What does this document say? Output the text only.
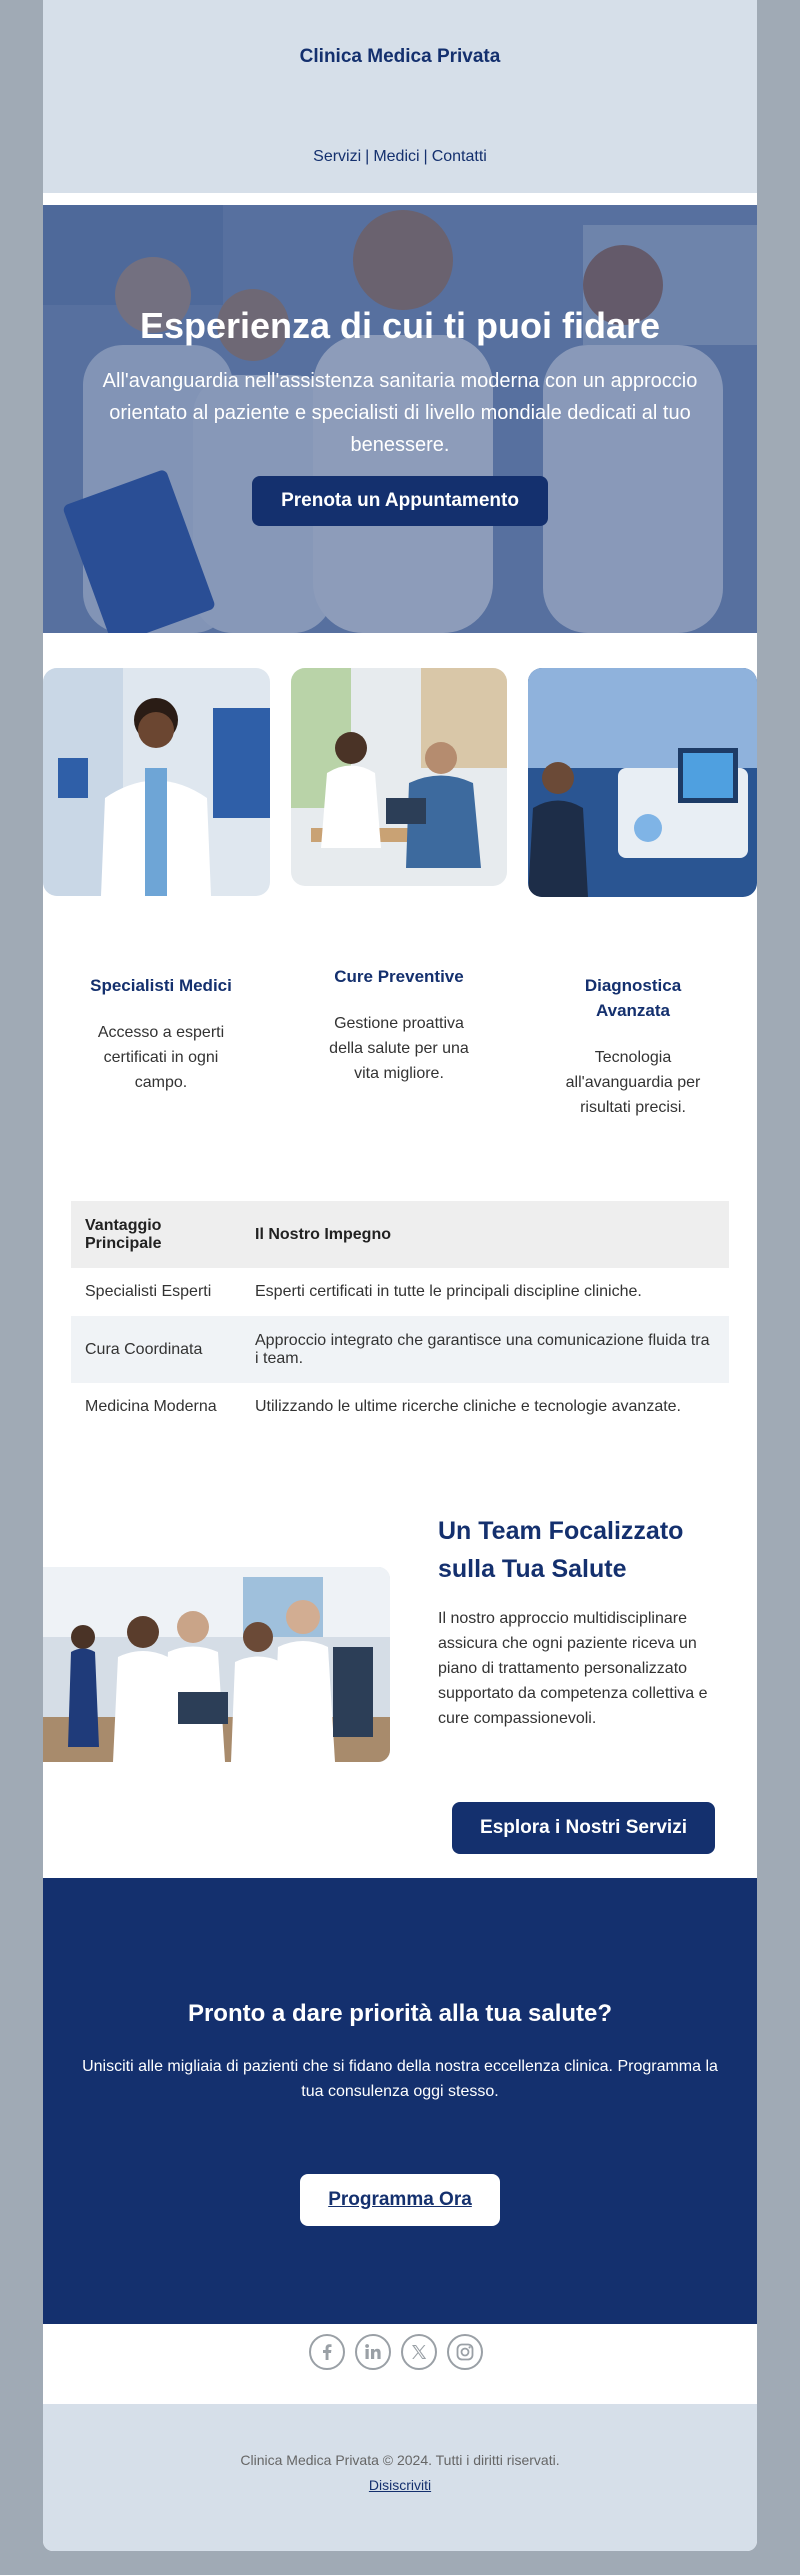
Clinica Medica Privata
Servizi | Medici | Contatti
Esperienza di cui ti puoi fidare

All'avanguardia nell'assistenza sanitaria moderna con un approccio orientato al paziente e specialisti di livello mondiale dedicati al tuo benessere.

Prenota un Appuntamento
Specialisti Medici
Accesso a esperti certificati in ogni campo.
Cure Preventive
Gestione proattiva della salute per una vita migliore.
Diagnostica Avanzata
Tecnologia all'avanguardia per risultati precisi.
Vantaggio Principale	Il Nostro Impegno
Specialisti Esperti	Esperti certificati in tutte le principali discipline cliniche.
Cura Coordinata	Approccio integrato che garantisce una comunicazione fluida tra i team.
Medicina Moderna	Utilizzando le ultime ricerche cliniche e tecnologie avanzate.
Un Team Focalizzato sulla Tua Salute
Il nostro approccio multidisciplinare assicura che ogni paziente riceva un piano di trattamento personalizzato supportato da competenza collettiva e cure compassionevoli.
Esplora i Nostri Servizi
Pronto a dare priorità alla tua salute?

Unisciti alle migliaia di pazienti che si fidano della nostra eccellenza clinica. Programma la tua consulenza oggi stesso.

Programma Ora
Clinica Medica Privata © 2024. Tutti i diritti riservati.
Disiscriviti
